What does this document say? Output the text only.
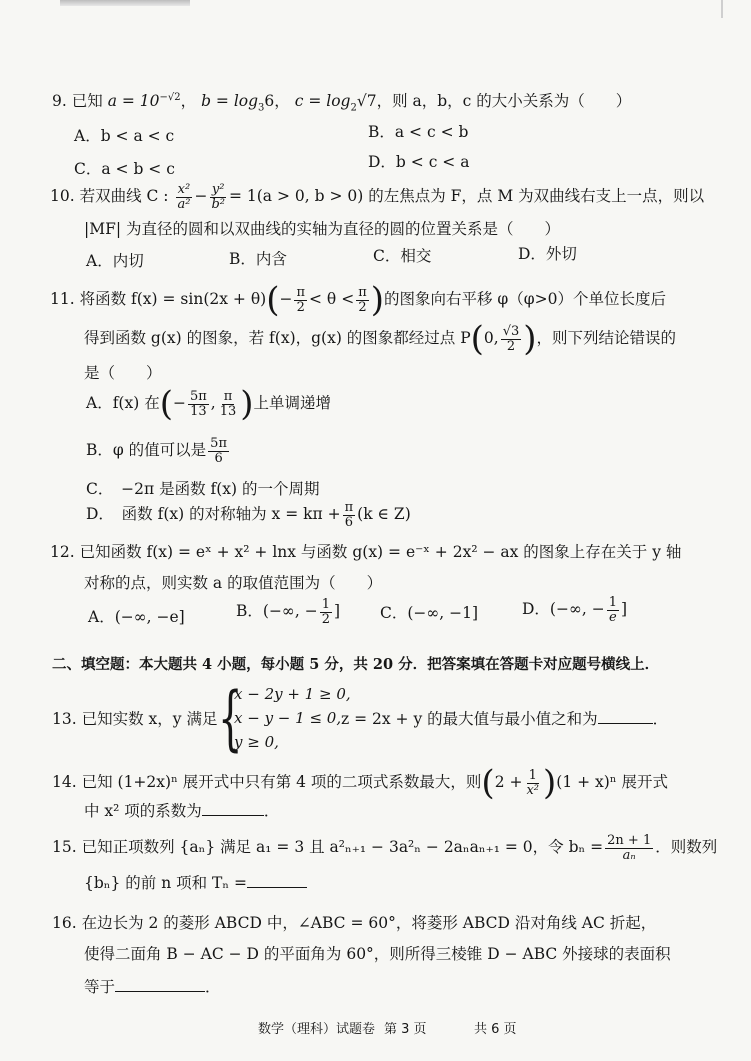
9. 已知 $a = 10^{-√2}$， $b = \log_36$， $c = \log_2√7$，则 a，b，c 的大小关系为（　　）
A．b < a < c	B．a < c < b
C．a < b < c	D．b < c < a
10. 若双曲线 C : $\frac{\text{x²}}{\text{a²}} - \frac{\text{y²}}{\text{b²}} = 1(a > 0$, b > 0) 的左焦点为 F，点 M 为双曲线右支上一点，则以
|MF| 为直径的圆和以双曲线的实轴为直径的圆的位置关系是（　　）
A．内切	B．内含	C．相交	D．外切
11. 将函数 $f(x) = \sin(2x + \theta)(- \frac{\pi}{2} < \theta < \frac{\pi}{2}$ )的图象向右平移 φ（φ>0）个单位长度后
得到函数 g(x) 的图象，若 f(x)，g(x) 的图象都经过点 P(0, $\frac{√3}{2}$ )，则下列结论错误的
是（　　）
A．f(x) 在(− $\frac{5\pi}{13}$ , $\frac{\pi}{13}$ )上单调递增
B．φ 的值可以是 $\frac{5\pi}{6}$
C．　−2π 是函数 f(x) 的一个周期
D．　函数 f(x) 的对称轴为 $x = k\pi + \frac{\pi}{6} (k$ ∈ Z)
12. 已知函数 f(x) = eˣ + x² + lnx 与函数 g(x) = e⁻ˣ + 2x² − ax 的图象上存在关于 y 轴
对称的点，则实数 a 的取值范围为（　　）
A．(−∞, −e]	B．(−∞, − $\frac{1}{2}$ ]	C．(−∞, −1]	D．(−∞, − $\frac{1}{e}$ ]
二、填空题：本大题共 4 小题，每小题 5 分，共 20 分．把答案填在答题卡对应题号横线上．
13. 已知实数 x，y 满足 {
x − 2y + 1 ≥ 0,
x − y − 1 ≤ 0,
y ≥ 0,
z = 2x + y 的最大值与最小值之和为	．
14. 已知 (1+2x)ⁿ 展开式中只有第 4 项的二项式系数最大，则$(2 + \frac{1}{\text{x²}} )(1 + x)^n$ 展开式
中 x² 项的系数为	．
15. 已知正项数列 {aₙ} 满足 a₁ = 3 且 a²ₙ₊₁ − 3a²ₙ − 2aₙaₙ₊₁ = 0，令 $b_n = \frac{2n + 1}{\text{aₙ}}$ ．则数列
{bₙ} 的前 n 项和 Tₙ =
16. 在边长为 2 的菱形 ABCD 中，∠ABC = 60°，将菱形 ABCD 沿对角线 AC 折起，
使得二面角 B − AC − D 的平面角为 60°，则所得三棱锥 D − ABC 外接球的表面积
等于	．
数学（理科）试题卷 第 3 页	共 6 页
